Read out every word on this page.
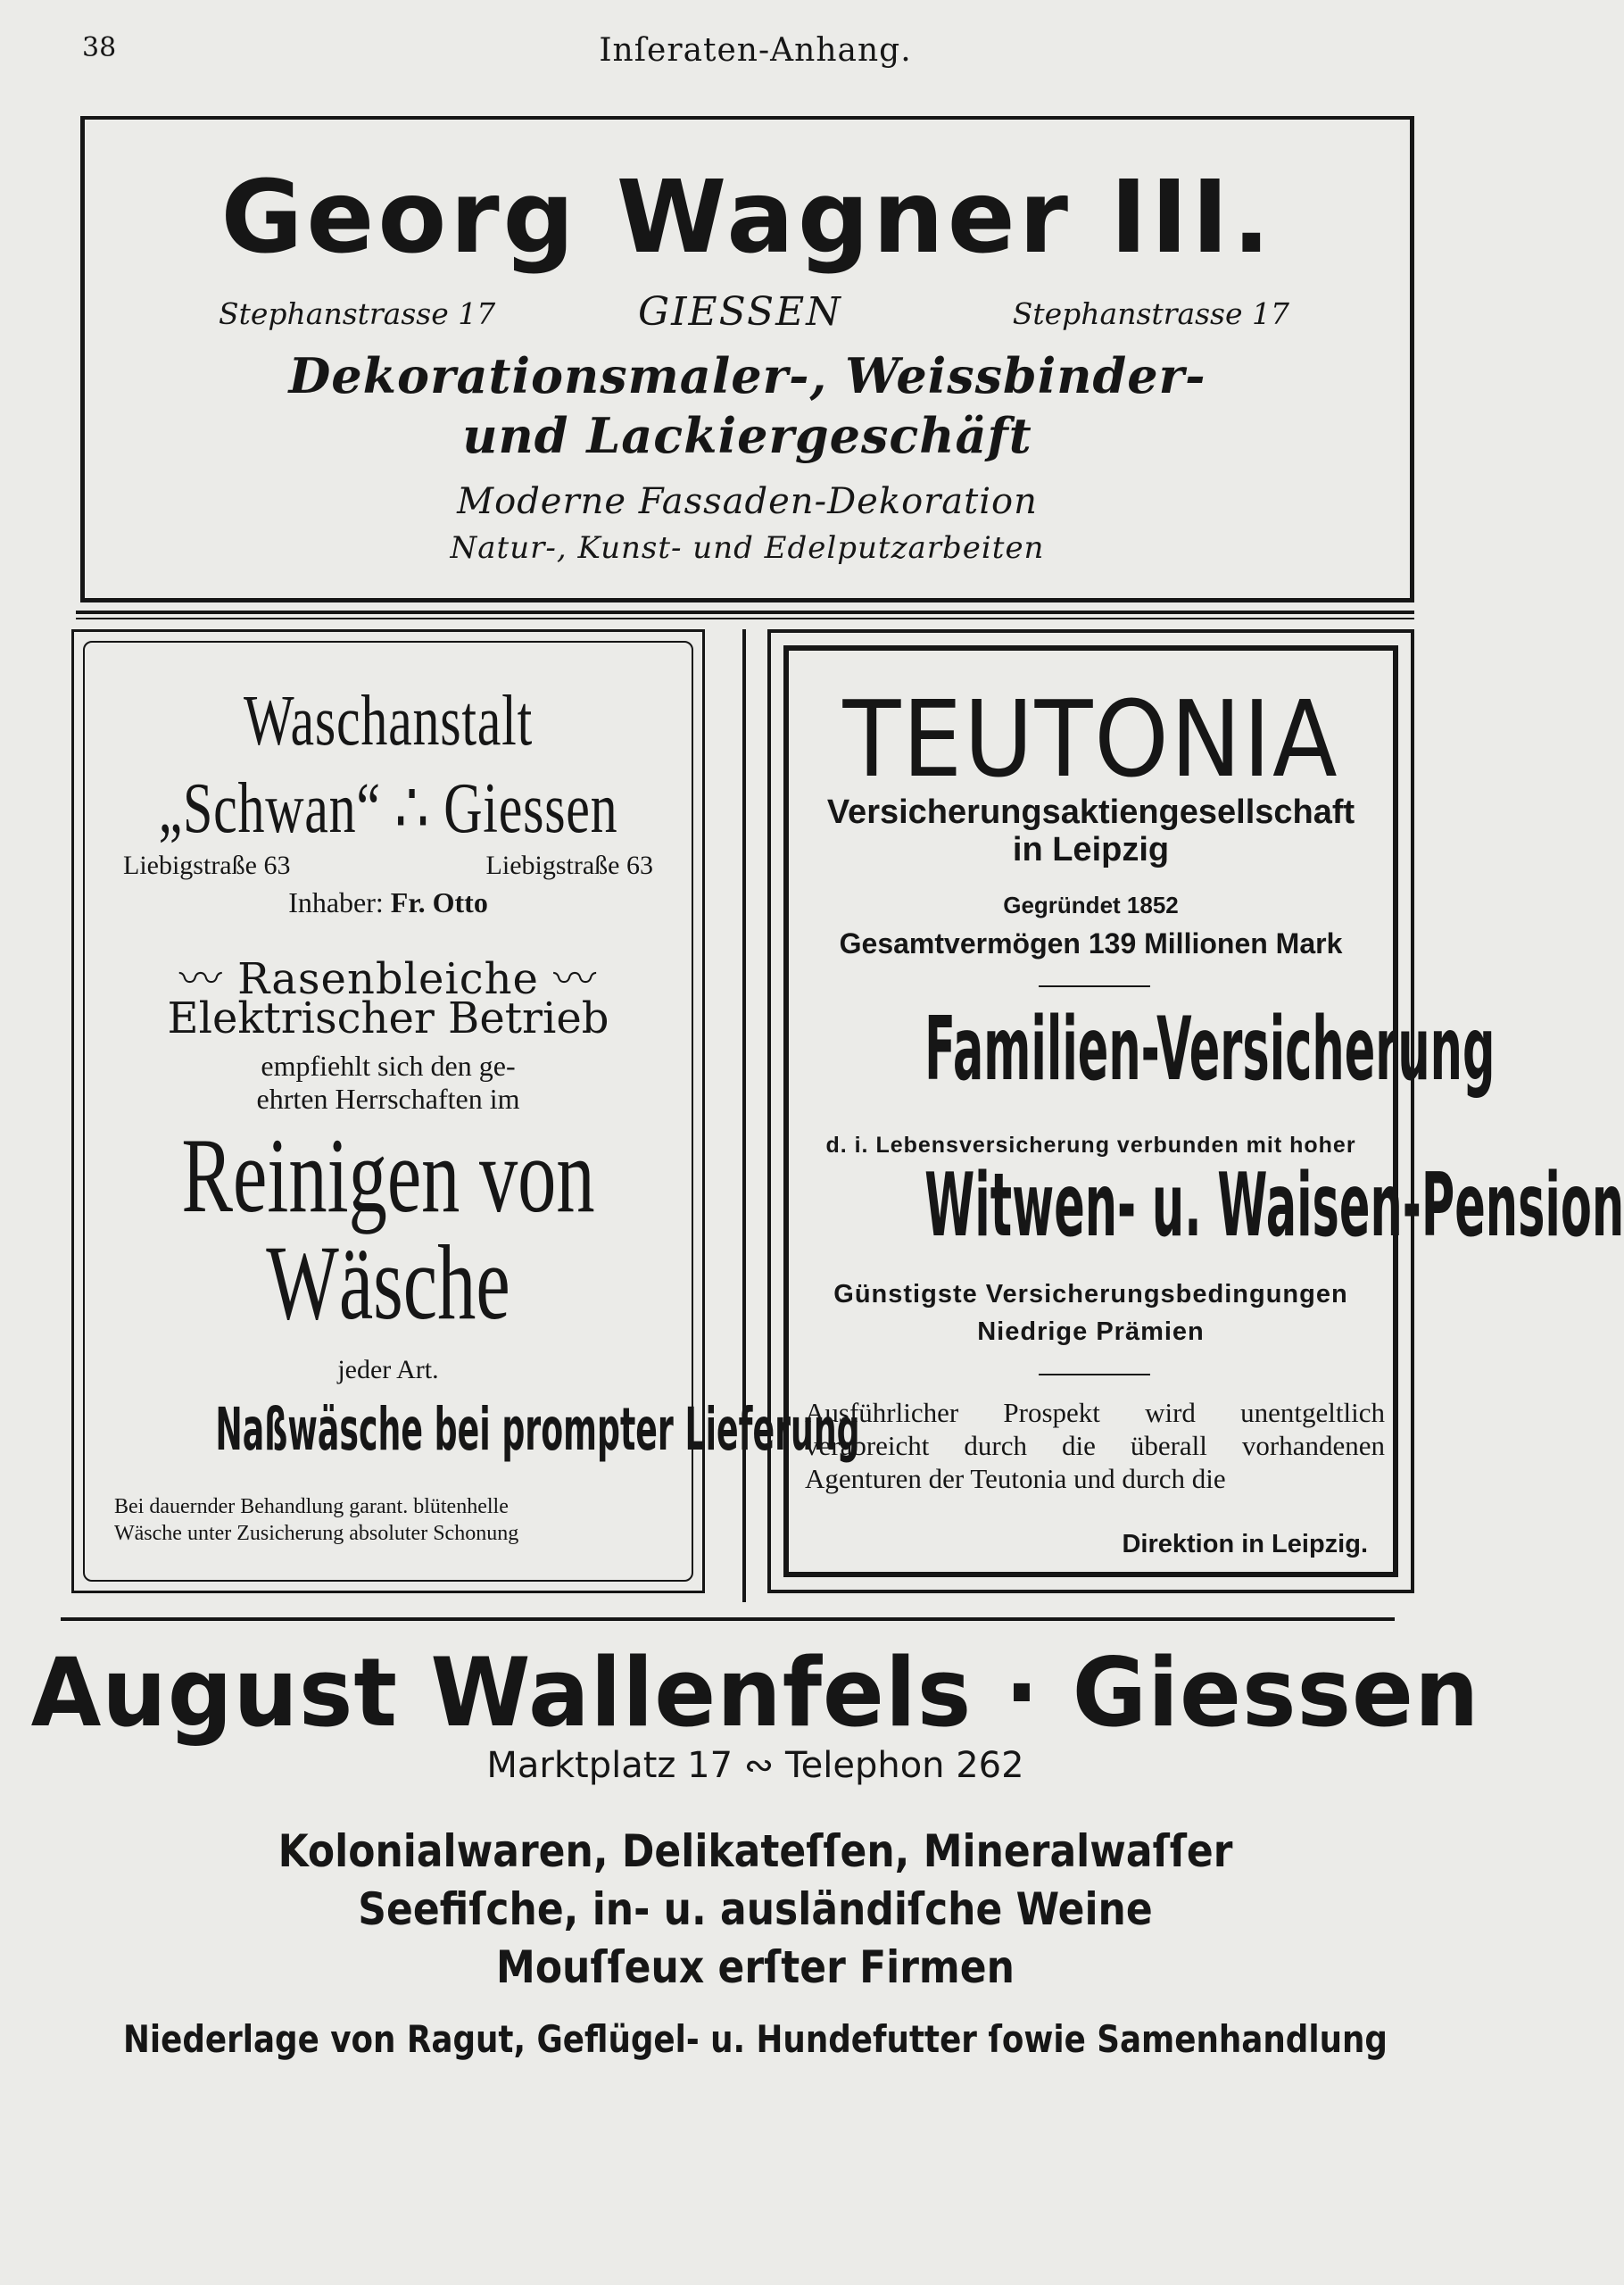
38	Inſeraten-Anhang.
Georg Wagner III.
Stephanstrasse 17	GIESSEN	Stephanstrasse 17
Dekorationsmaler-, Weissbinder-
und Lackiergeschäft
Moderne Fassaden-Dekoration
Natur-, Kunst- und Edelputzarbeiten
Waschanstalt
„Schwan“ ∴ Giessen
Liebigstraße 63	Liebigstraße 63
Inhaber: Fr. Otto
〰 Rasenbleiche 〰
Elektrischer Betrieb
empfiehlt sich den ge-
ehrten Herrschaften im
Reinigen von
Wäsche
jeder Art.
Naßwäsche bei prompter Lieferung
Bei dauernder Behandlung garant. blütenhelle
Wäsche unter Zusicherung absoluter Schonung
TEUTONIA
Versicherungsaktiengesellschaft
in Leipzig
Gegründet 1852
Gesamtvermögen 139 Millionen Mark
Familien-Versicherung
d. i. Lebensversicherung verbunden mit hoher
Witwen- u. Waisen-Pension
Günstigste Versicherungsbedingungen
Niedrige Prämien
Ausführlicher Prospekt wird unentgeltlich verabreicht durch die überall vorhandenen Agenturen der Teutonia und durch die
Direktion in Leipzig.
August Wallenfels · Giessen
Marktplatz 17 ∾ Telephon 262
Kolonialwaren, Delikateſſen, Mineralwaſſer
Seefiſche, in- u. ausländiſche Weine
Mouſſeux erſter Firmen
Niederlage von Ragut, Geflügel- u. Hundefutter ſowie Samenhandlung
